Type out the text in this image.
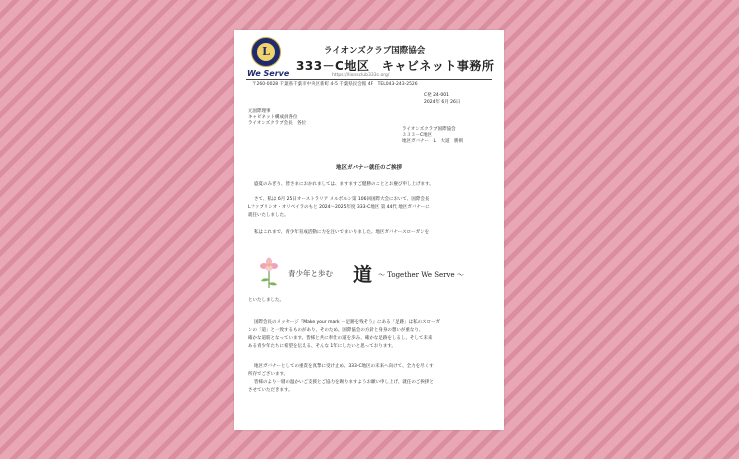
L
We Serve
ライオンズクラブ国際協会
333－C地区　キャビネット事務所
https://lionsclub333c.org/
〒260-0028 千葉県千葉市中央区新町 4-5 千葉県民会館 4F　TEL043-243-2526
C発 24-001
2024年 6月 26日
元国際理事
キャビネット構成員各位
ライオンズクラブ会長　各位
ライオンズクラブ国際協会
３３３－C地区
地区ガバナー　L　大道　勝則
地区ガバナー就任のご挨拶
盛夏のみぎり、皆さまにおかれましては、ますますご健勝のこととお慶び申し上げます。
さて、私は 6月 25日オーストラリア メルボルン第 106回国際大会において、国際会長
Lファブリシオ・オリベイラのもと 2024～2025年度 333-C地区 第 44代 地区ガバナーに
就任いたしました。
私はこれまで、青少年育成活動に力を注いでまいりました。地区ガバナースローガンを
青少年と歩む 道 ～ Together We Serve ～
といたしました。
国際会長のメッセージ『Make your mark －足跡を残そう』にある「足跡」は私のスローガ
ンの「道」と一致するものがあり、そのため、国際協会の方針と身身の想いが重なり、
確かな道筋となっています。皆様と共に奉仕の道を歩み、確かな足跡をしるし、そして未来
ある青少年たちに希望を伝える、そんな 1年にしたいと思っております。
地区ガバナーとしての重責を真摯に受け止め、333-C地区の未来へ向けて、全力を尽くす
所存でございます。
皆様のより一層の温かいご支援とご協力を賜りますようお願い申し上げ、就任のご挨拶と
させていただきます。
